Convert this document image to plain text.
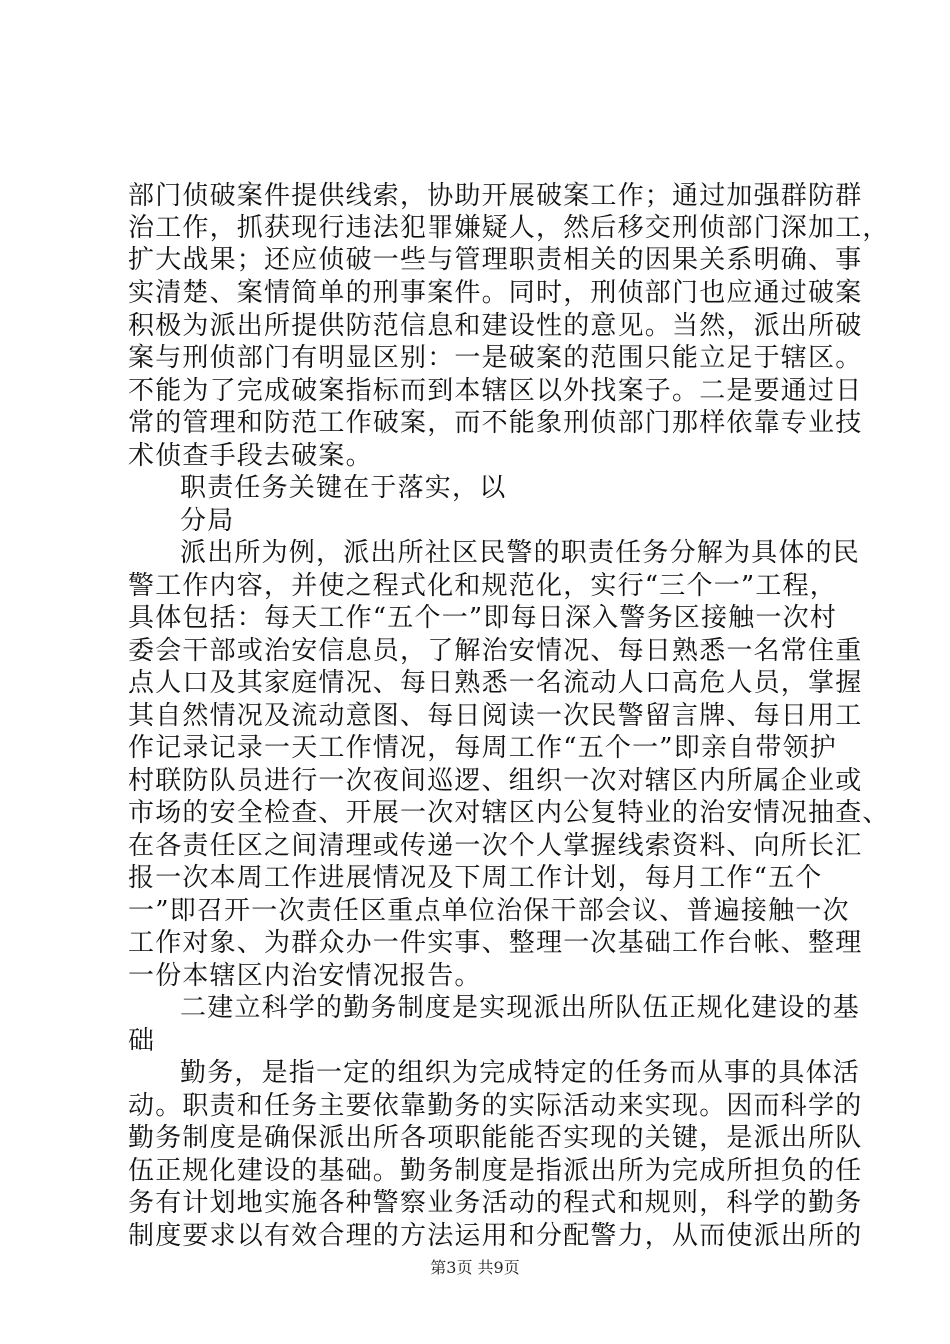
部门侦破案件提供线索，协助开展破案工作；通过加强群防群
治工作，抓获现行违法犯罪嫌疑人，然后移交刑侦部门深加工，
扩大战果；还应侦破一些与管理职责相关的因果关系明确、事
实清楚、案情简单的刑事案件。同时，刑侦部门也应通过破案
积极为派出所提供防范信息和建设性的意见。当然，派出所破
案与刑侦部门有明显区别：一是破案的范围只能立足于辖区。
不能为了完成破案指标而到本辖区以外找案子。二是要通过日
常的管理和防范工作破案，而不能象刑侦部门那样依靠专业技
术侦查手段去破案。
职责任务关键在于落实，以
分局
派出所为例，派出所社区民警的职责任务分解为具体的民
警工作内容，并使之程式化和规范化，实行“三个一”工程，
具体包括：每天工作“五个一”即每日深入警务区接触一次村
委会干部或治安信息员，了解治安情况、每日熟悉一名常住重
点人口及其家庭情况、每日熟悉一名流动人口高危人员，掌握
其自然情况及流动意图、每日阅读一次民警留言牌、每日用工
作记录记录一天工作情况，每周工作“五个一”即亲自带领护
村联防队员进行一次夜间巡逻、组织一次对辖区内所属企业或
市场的安全检查、开展一次对辖区内公复特业的治安情况抽查、
在各责任区之间清理或传递一次个人掌握线索资料、向所长汇
报一次本周工作进展情况及下周工作计划，每月工作“五个
一”即召开一次责任区重点单位治保干部会议、普遍接触一次
工作对象、为群众办一件实事、整理一次基础工作台帐、整理
一份本辖区内治安情况报告。
二建立科学的勤务制度是实现派出所队伍正规化建设的基
础
勤务，是指一定的组织为完成特定的任务而从事的具体活
动。职责和任务主要依靠勤务的实际活动来实现。因而科学的
勤务制度是确保派出所各项职能能否实现的关键，是派出所队
伍正规化建设的基础。勤务制度是指派出所为完成所担负的任
务有计划地实施各种警察业务活动的程式和规则，科学的勤务
制度要求以有效合理的方法运用和分配警力，从而使派出所的
第3页 共9页
